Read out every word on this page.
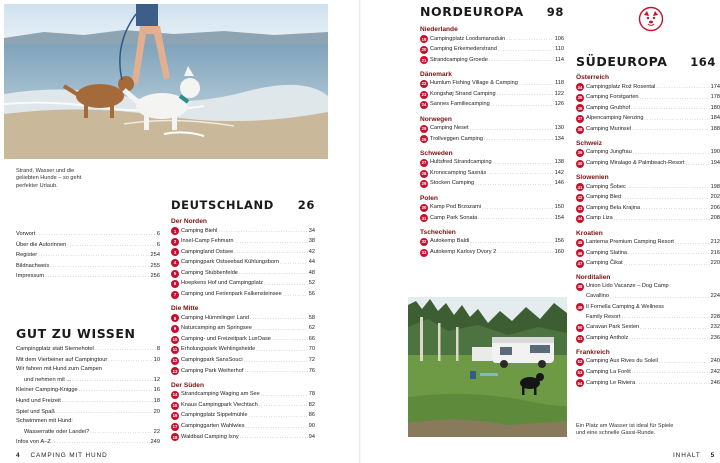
Strand, Wasser und die
geliebten Hunde – so geht
perfekter Urlaub.
Vorwort . . .	6
Über die Autorinnen . . .	6
Register . . .	254
Bildnachweis . . .	255
Impressum . . .	256
GUT ZU WISSEN
Campingplatz statt Sternehotel . . .	8
Mit dem Vierbeiner auf Campingtour . . .	10
Wir fahren mit Hund zum Campen
und nehmen mit ... . . .	12
Kleiner Camping-Knigge . . .	16
Hund und Freizeit . . .	18
Spiel und Spaß . . .	20
Schwimmen mit Hund:
Wasserratte oder Landei? . . .	22
Infos von A–Z . . .	249
DEUTSCHLAND 26
Der Norden
1 Camping Biehl . . .	34
2 Insel-Camp Fehmarn . . .	38
3 Campingland Ostsee . . .	42
4 Campingpark Ostseebad Kühlungsborn . . .	44
5 Camping Stubbenfelde . . .	48
6 Hoepkens Hof und Campingplatz . . .	52
7 Camping und Ferienpark Falkensteinsee . . .	56
Die Mitte
8 Camping Hümmlinger Land . . .	58
9 Naturcamping am Springsee . . .	62
10 Camping- und Freizeitpark LuxOase . . .	66
11 Erholungspark Wehlingsheide . . .	70
12 Campingpark SansSouci . . .	72
13 Camping Park Weiherhof . . .	76
Der Süden
14 Strandcamping Waging am See . . .	78
15 Knaus Campingpark Viechtach . . .	82
16 Campingplatz Sippelmühle . . .	86
17 Campinggarten Wahlwies . . .	90
18 Waldbad Camping Isny . . .	94
4 CAMPING MIT HUND
NORDEUROPA 98
Niederlande
19 Campingplatz Loodsmansduin . . .	106
20 Camping Erkemederstrand . . .	110
21 Strandcamping Groede . . .	114
Dänemark
22 Humlum Fishing Village & Camping . . .	118
23 Kongshøj Strand Camping . . .	122
24 Sannes Familiecamping . . .	126
Norwegen
25 Camping Neset . . .	130
26 Trollveggen Camping . . .	134
Schweden
27 Hultsfred Strandcamping . . .	138
28 Kronocamping Saxnäs . . .	142
29 Stocken Camping . . .	146
Polen
30 Kamp Pod Brzozami . . .	150
31 Camp Park Sonata . . .	154
Tschechien
32 Autokemp Baldi . . .	156
33 Autokemp Karlovy Dvory 2 . . .	160
SÜDEUROPA 164
Österreich
34 Campingplatz Rož Rosental . . .	174
35 Camping Forstgarten . . .	178
36 Camping Grubhof . . .	180
37 Alpencamping Nenzing . . .	184
38 Camping Murinsel . . .	188
Schweiz
39 Camping Jungfrau . . .	190
40 Camping Miralago & Palmbeach-Resort . . .	194
Slowenien
41 Camping Šobec . . .	198
42 Camping Bled . . .	202
43 Camping Bela Krajina . . .	206
44 Camp Liza . . .	208
Kroatien
45 Lanterna Premium Camping Resort . . .	212
46 Camping Slatina . . .	216
47 Camping Čikat . . .	220
Norditalien
48 Union Lido Vacanze – Dog Camp
Cavallino . . .	224
49 Il Fornella Camping & Wellness
Family Resort . . .	228
50 Caravan Park Sexten . . .	232
51 Camping Antholz . . .	236
Frankreich
52 Camping Aux Rives du Soleil . . .	240
53 Camping La Forêt . . .	242
54 Camping Le Riviera . . .	246
Ein Platz am Wasser ist ideal für Spiele
und eine schnelle Gassi-Runde.
INHALT 5
